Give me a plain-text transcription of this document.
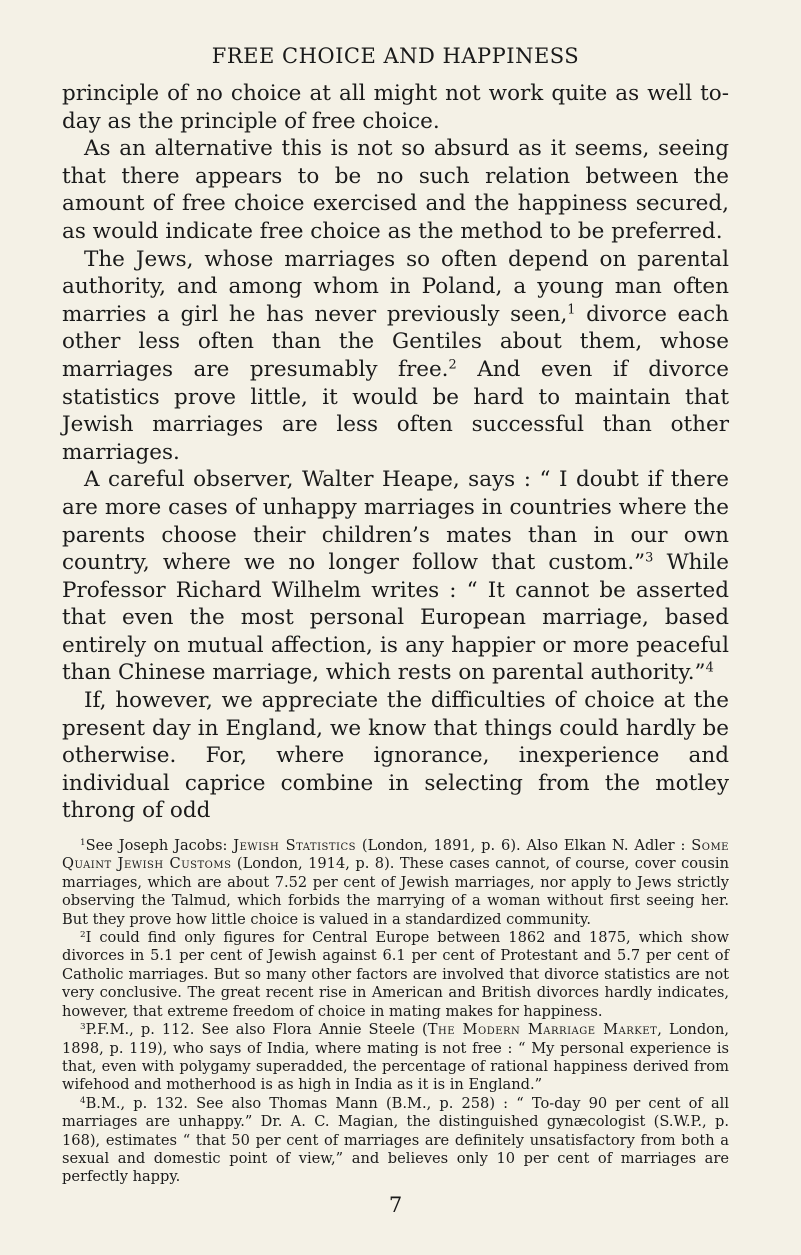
FREE CHOICE AND HAPPINESS

principle of no choice at all might not work quite as well to-day as the principle of free choice.

As an alternative this is not so absurd as it seems, seeing that there appears to be no such relation between the amount of free choice exercised and the happiness secured, as would indicate free choice as the method to be preferred.

The Jews, whose marriages so often depend on parental authority, and among whom in Poland, a young man often marries a girl he has never previously seen,$^1$ divorce each other less often than the Gentiles about them, whose marriages are presumably free.$^2$ And even if divorce statistics prove little, it would be hard to maintain that Jewish marriages are less often successful than other marriages.

A careful observer, Walter Heape, says : “ I doubt if there are more cases of unhappy marriages in countries where the parents choose their children’s mates than in our own country, where we no longer follow that custom.”$^3$ While Professor Richard Wilhelm writes : “ It cannot be asserted that even the most personal European marriage, based entirely on mutual affection, is any happier or more peaceful than Chinese marriage, which rests on parental authority.”$^4$

If, however, we appreciate the difficulties of choice at the present day in England, we know that things could hardly be otherwise. For, where ignorance, inexperience and individual caprice combine in selecting from the motley throng of odd

$^1$See Joseph Jacobs: Jewish Statistics (London, 1891, p. 6). Also Elkan N. Adler : Some Quaint Jewish Customs (London, 1914, p. 8). These cases cannot, of course, cover cousin marriages, which are about 7.52 per cent of Jewish marriages, nor apply to Jews strictly observing the Talmud, which forbids the marrying of a woman without first seeing her. But they prove how little choice is valued in a standardized community.

$^2$I could find only figures for Central Europe between 1862 and 1875, which show divorces in 5.1 per cent of Jewish against 6.1 per cent of Protestant and 5.7 per cent of Catholic marriages. But so many other factors are involved that divorce statistics are not very conclusive. The great recent rise in American and British divorces hardly indicates, however, that extreme freedom of choice in mating makes for happiness.

$^3$P.F.M., p. 112. See also Flora Annie Steele (The Modern Marriage Market, London, 1898, p. 119), who says of India, where mating is not free : “ My personal experience is that, even with polygamy superadded, the percentage of rational happiness derived from wifehood and motherhood is as high in India as it is in England.”

$^4$B.M., p. 132. See also Thomas Mann (B.M., p. 258) : “ To-day 90 per cent of all marriages are unhappy.” Dr. A. C. Magian, the distinguished gynæcologist (S.W.P., p. 168), estimates “ that 50 per cent of marriages are definitely unsatisfactory from both a sexual and domestic point of view,” and believes only 10 per cent of marriages are perfectly happy.

7
